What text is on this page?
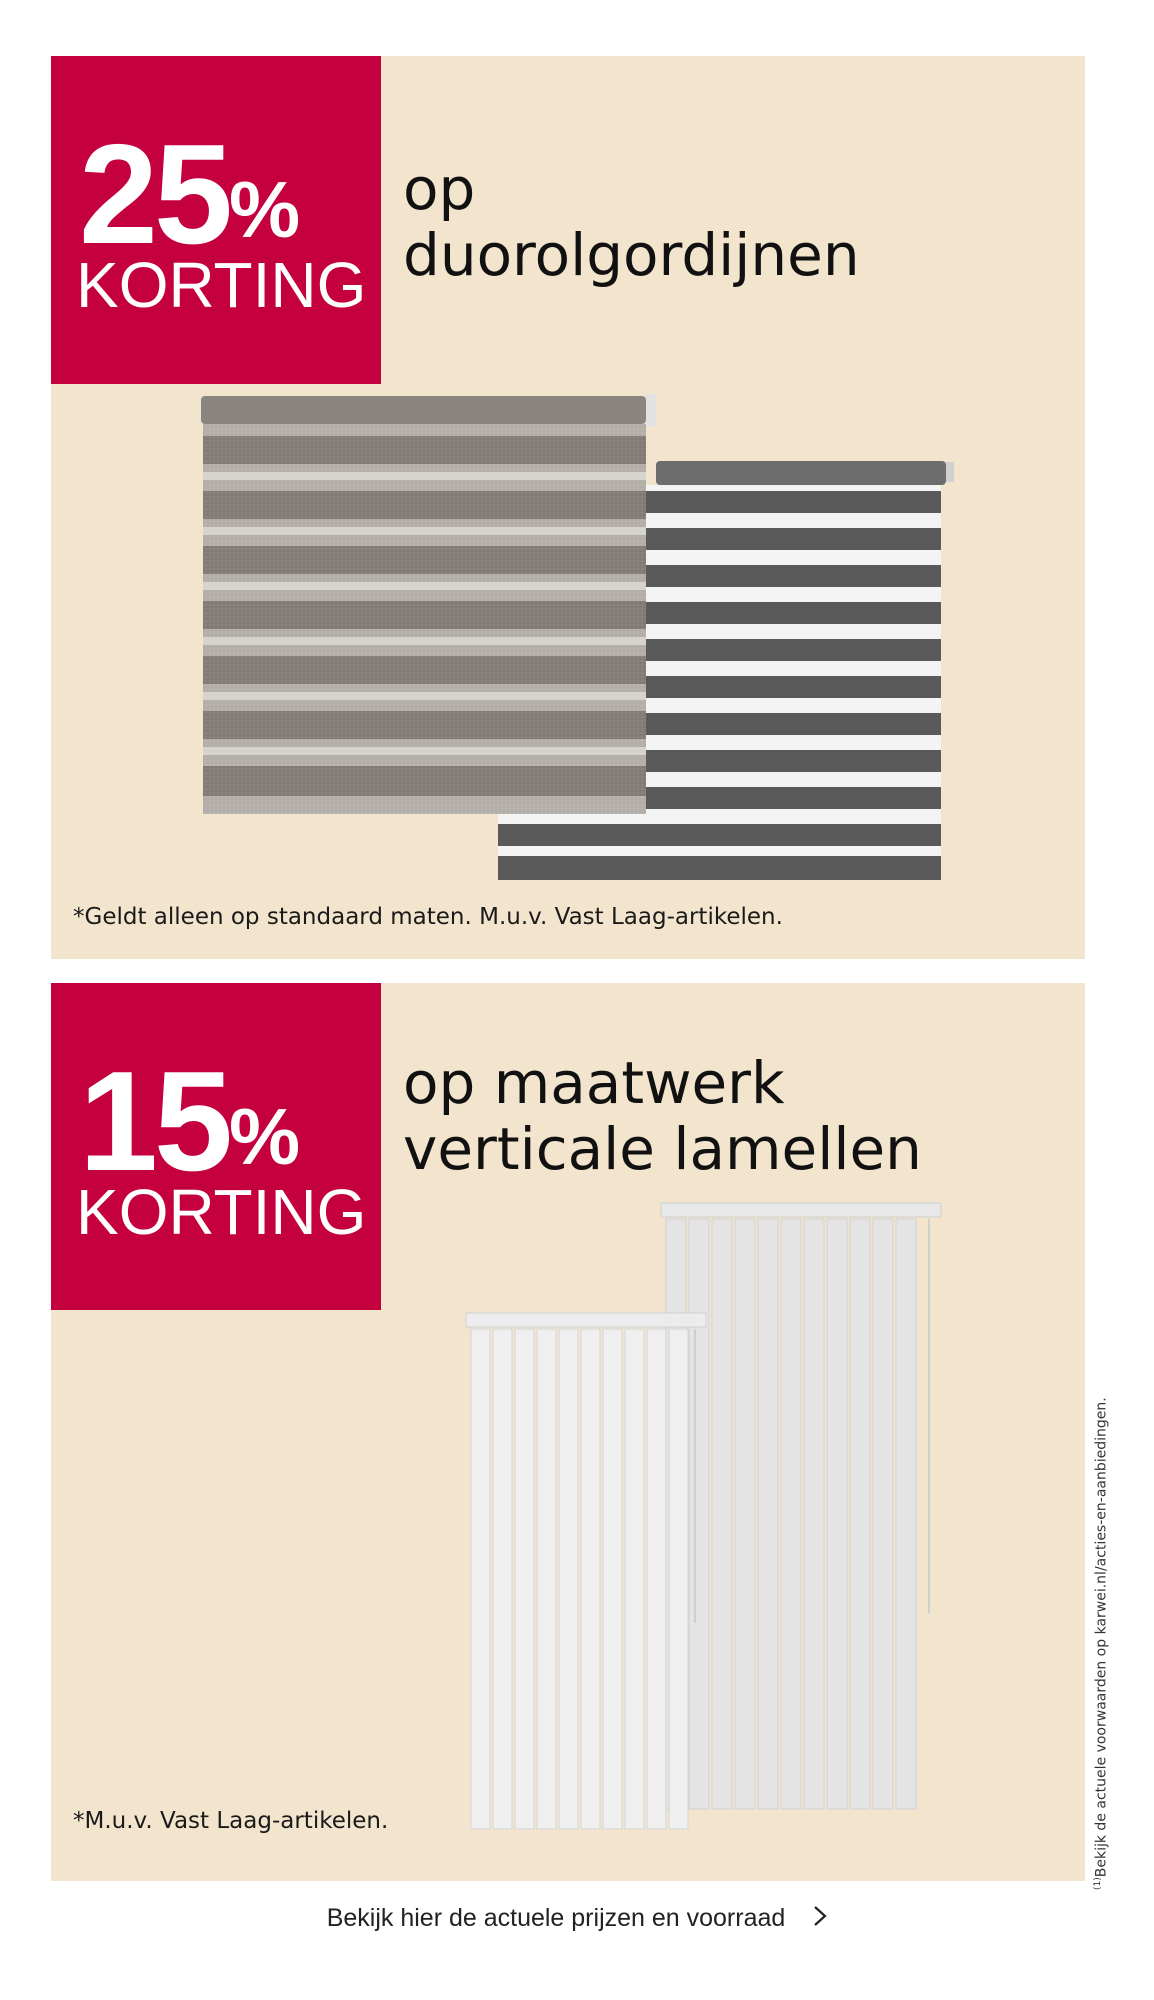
25%
KORTING
op
duorolgordijnen
*Geldt alleen op standaard maten. M.u.v. Vast Laag-artikelen.
15%
KORTING
op maatwerk
verticale lamellen
*M.u.v. Vast Laag-artikelen.
$^{(1)}$Bekijk de actuele voorwaarden op karwei.nl/acties-en-aanbiedingen.
Bekijk hier de actuele prijzen en voorraad
